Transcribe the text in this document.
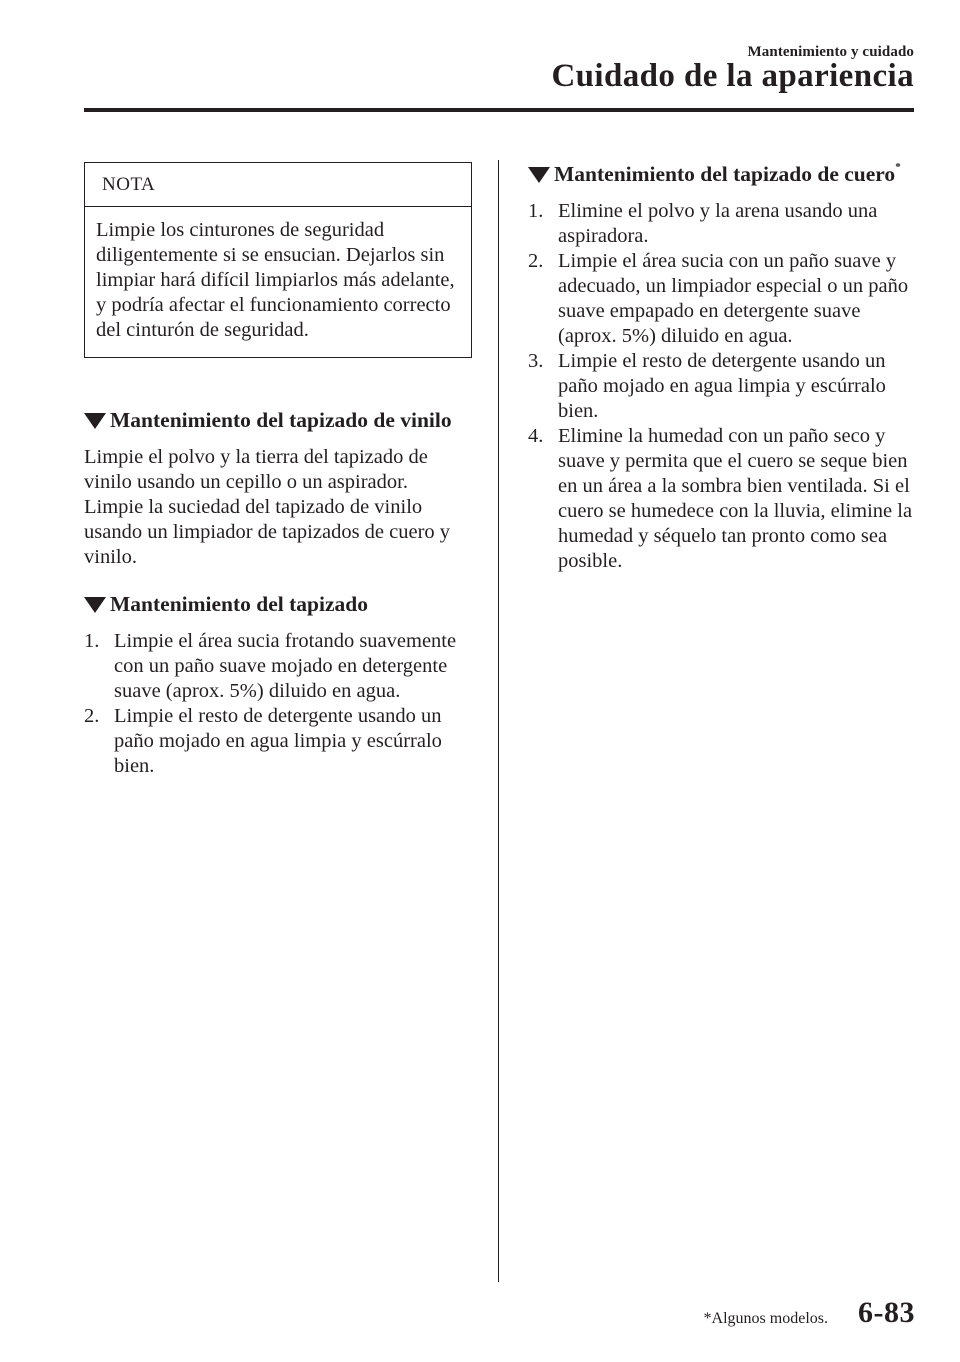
Mantenimiento y cuidado
Cuidado de la apariencia
NOTA
Limpie los cinturones de seguridad diligentemente si se ensucian. Dejarlos sin limpiar hará difícil limpiarlos más adelante, y podría afectar el funcionamiento correcto del cinturón de seguridad.
Mantenimiento del tapizado de vinilo

Limpie el polvo y la tierra del tapizado de vinilo usando un cepillo o un aspirador. Limpie la suciedad del tapizado de vinilo usando un limpiador de tapizados de cuero y vinilo.

Mantenimiento del tapizado
1. Limpie el área sucia frotando suavemente con un paño suave mojado en detergente suave (aprox. 5%) diluido en agua.
2. Limpie el resto de detergente usando un paño mojado en agua limpia y escúrralo bien.
Mantenimiento del tapizado de cuero*
1. Elimine el polvo y la arena usando una aspiradora.
2. Limpie el área sucia con un paño suave y adecuado, un limpiador especial o un paño suave empapado en detergente suave (aprox. 5%) diluido en agua.
3. Limpie el resto de detergente usando un paño mojado en agua limpia y escúrralo bien.
4. Elimine la humedad con un paño seco y suave y permita que el cuero se seque bien en un área a la sombra bien ventilada. Si el cuero se humedece con la lluvia, elimine la humedad y séquelo tan pronto como sea posible.
*Algunos modelos. 6-83
